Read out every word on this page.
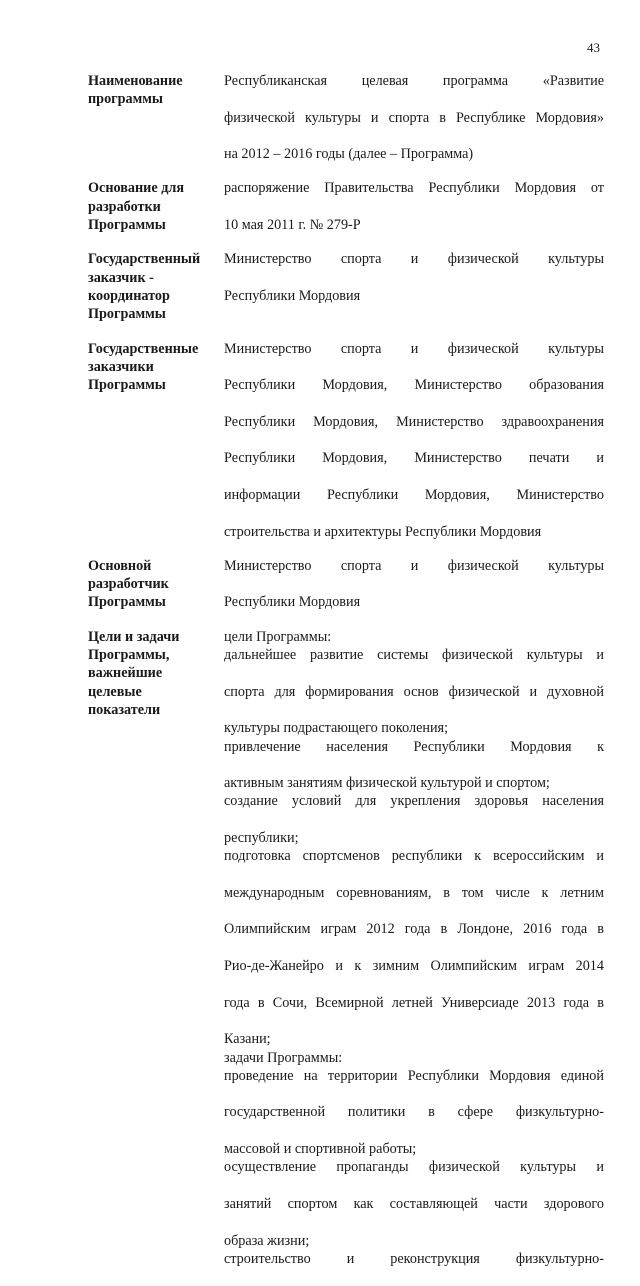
43
Наименование
программы
Республиканская целевая программа «Развитие
физической культуры и спорта в Республике Мордовия»
на 2012 – 2016 годы (далее – Программа)
Основание для
разработки
Программы
распоряжение Правительства Республики Мордовия от
10 мая 2011 г. № 279-Р
Государственный
заказчик -
координатор
Программы
Министерство спорта и физической культуры
Республики Мордовия
Государственные
заказчики
Программы
Министерство спорта и физической культуры
Республики Мордовия, Министерство образования
Республики Мордовия, Министерство здравоохранения
Республики Мордовия, Министерство печати и
информации Республики Мордовия, Министерство
строительства и архитектуры Республики Мордовия
Основной
разработчик
Программы
Министерство спорта и физической культуры
Республики Мордовия
Цели и задачи
Программы,
важнейшие
целевые
показатели
цели Программы:
дальнейшее развитие системы физической культуры и
спорта для формирования основ физической и духовной
культуры подрастающего поколения;
привлечение населения Республики Мордовия к
активным занятиям физической культурой и спортом;
создание условий для укрепления здоровья населения
республики;
подготовка спортсменов республики к всероссийским и
международным соревнованиям, в том числе к летним
Олимпийским играм 2012 года в Лондоне, 2016 года в
Рио-де-Жанейро и к зимним Олимпийским играм 2014
года в Сочи, Всемирной летней Универсиаде 2013 года в
Казани;
задачи Программы:
проведение на территории Республики Мордовия единой
государственной политики в сфере физкультурно-
массовой и спортивной работы;
осуществление пропаганды физической культуры и
занятий спортом как составляющей части здорового
образа жизни;
строительство и реконструкция физкультурно-
